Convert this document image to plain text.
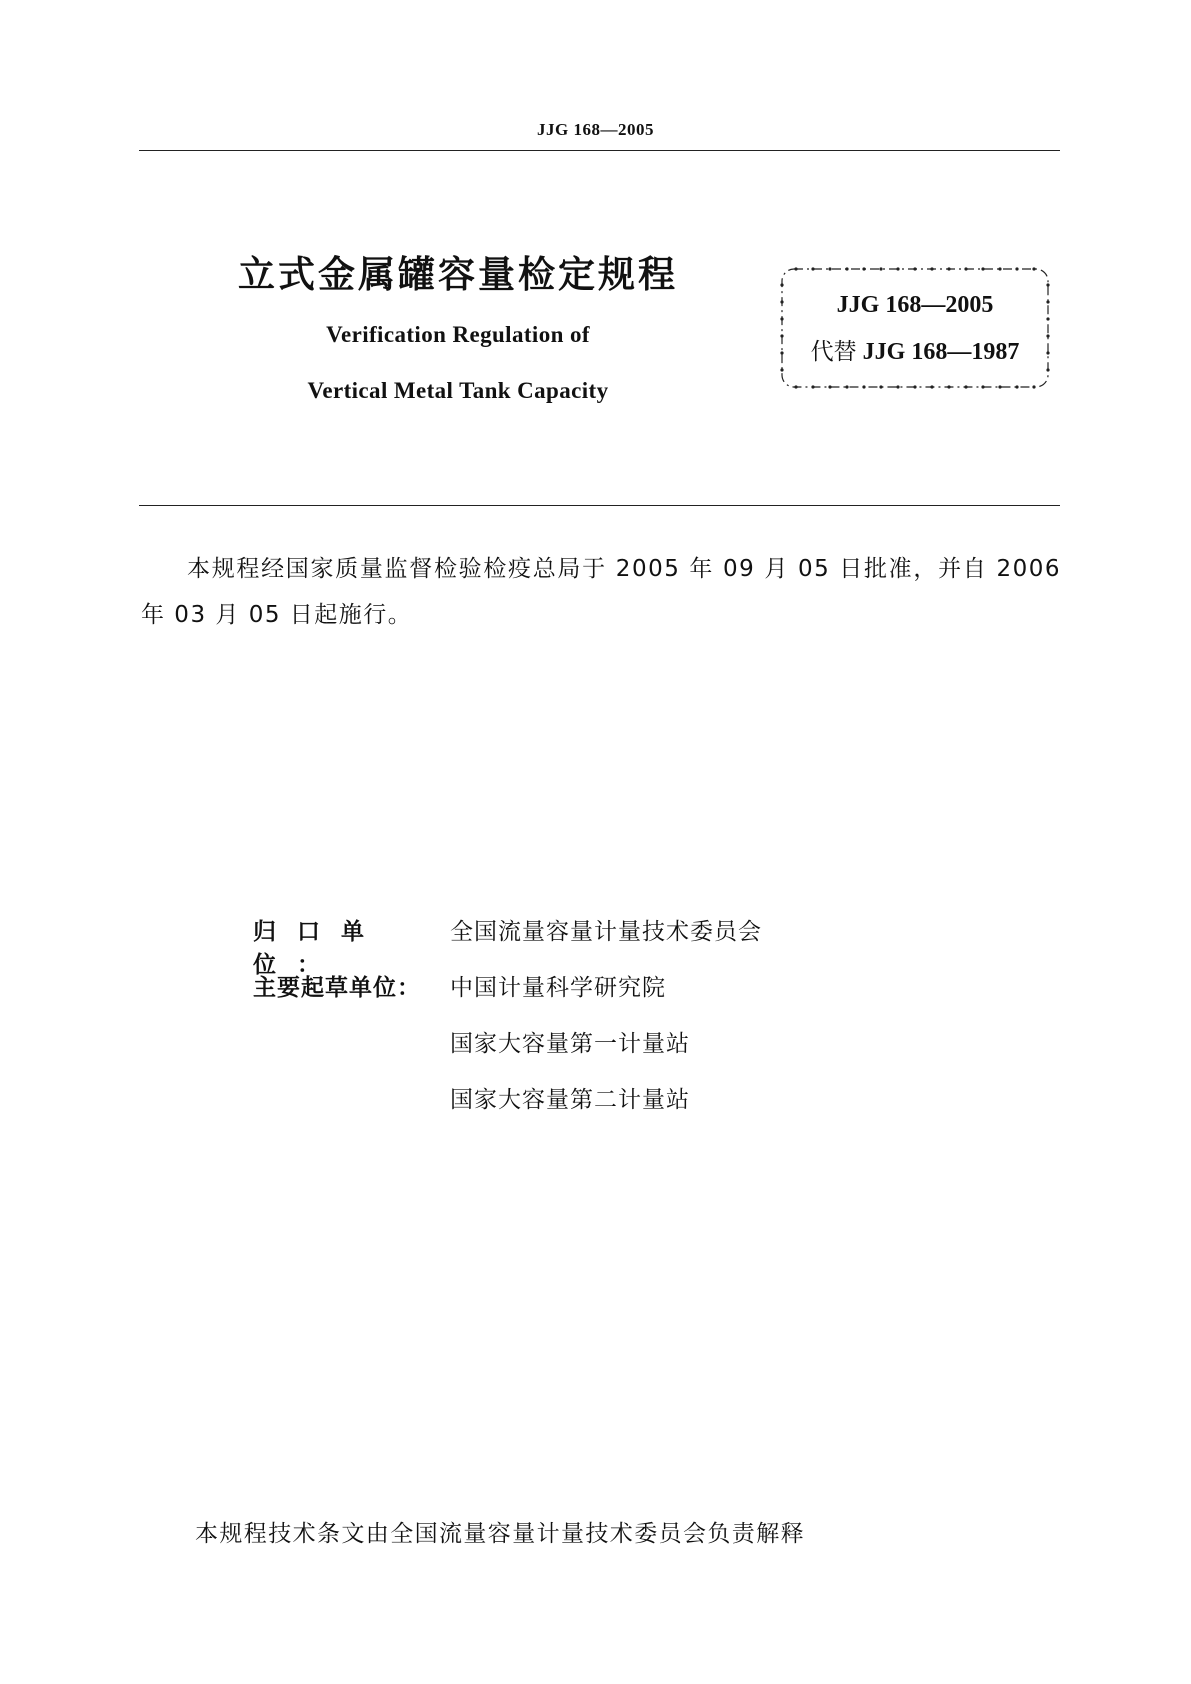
JJG 168—2005
立式金属罐容量检定规程
Verification Regulation of
Vertical Metal Tank Capacity
JJG 168—2005
代替 JJG 168—1987
本规程经国家质量监督检验检疫总局于 2005 年 09 月 05 日批准，并自 2006 年 03 月 05 日起施行。
归口单位：
全国流量容量计量技术委员会
主要起草单位：	中国计量科学研究院
国家大容量第一计量站
国家大容量第二计量站
本规程技术条文由全国流量容量计量技术委员会负责解释
